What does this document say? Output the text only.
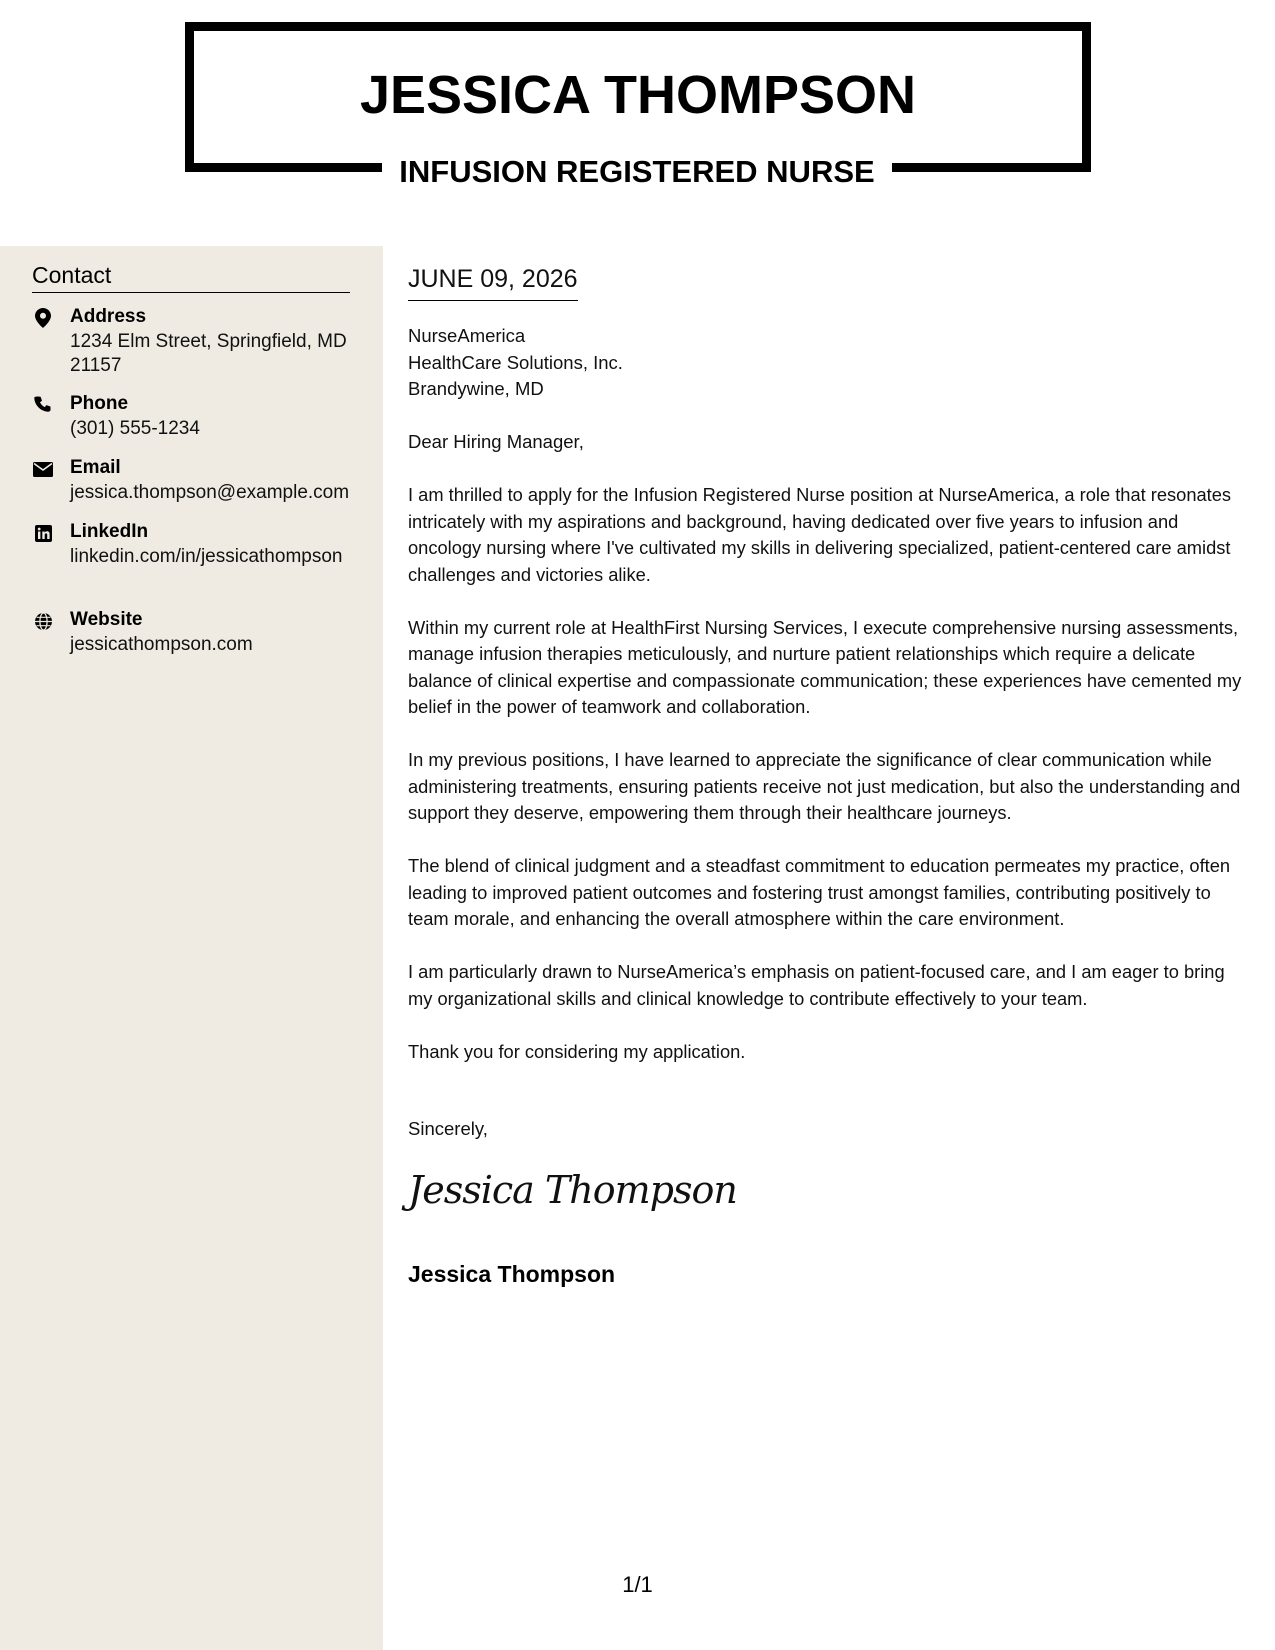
JESSICA THOMPSON
INFUSION REGISTERED NURSE
Contact
Address
1234 Elm Street, Springfield, MD 21157
Phone
(301) 555-1234
Email
jessica.thompson@example.com
LinkedIn
linkedin.com/in/jessicathompson
Website
jessicathompson.com
JUNE 09, 2026
NurseAmerica
HealthCare Solutions, Inc.
Brandywine, MD
Dear Hiring Manager,

I am thrilled to apply for the Infusion Registered Nurse position at NurseAmerica, a role that resonates intricately with my aspirations and background, having dedicated over five years to infusion and oncology nursing where I've cultivated my skills in delivering specialized, patient-centered care amidst challenges and victories alike.

Within my current role at HealthFirst Nursing Services, I execute comprehensive nursing assessments, manage infusion therapies meticulously, and nurture patient relationships which require a delicate balance of clinical expertise and compassionate communication; these experiences have cemented my belief in the power of teamwork and collaboration.

In my previous positions, I have learned to appreciate the significance of clear communication while administering treatments, ensuring patients receive not just medication, but also the understanding and support they deserve, empowering them through their healthcare journeys.

The blend of clinical judgment and a steadfast commitment to education permeates my practice, often leading to improved patient outcomes and fostering trust amongst families, contributing positively to team morale, and enhancing the overall atmosphere within the care environment.

I am particularly drawn to NurseAmerica’s emphasis on patient-focused care, and I am eager to bring my organizational skills and clinical knowledge to contribute effectively to your team.

Thank you for considering my application.

Sincerely,
Jessica Thompson
Jessica Thompson
1/1
